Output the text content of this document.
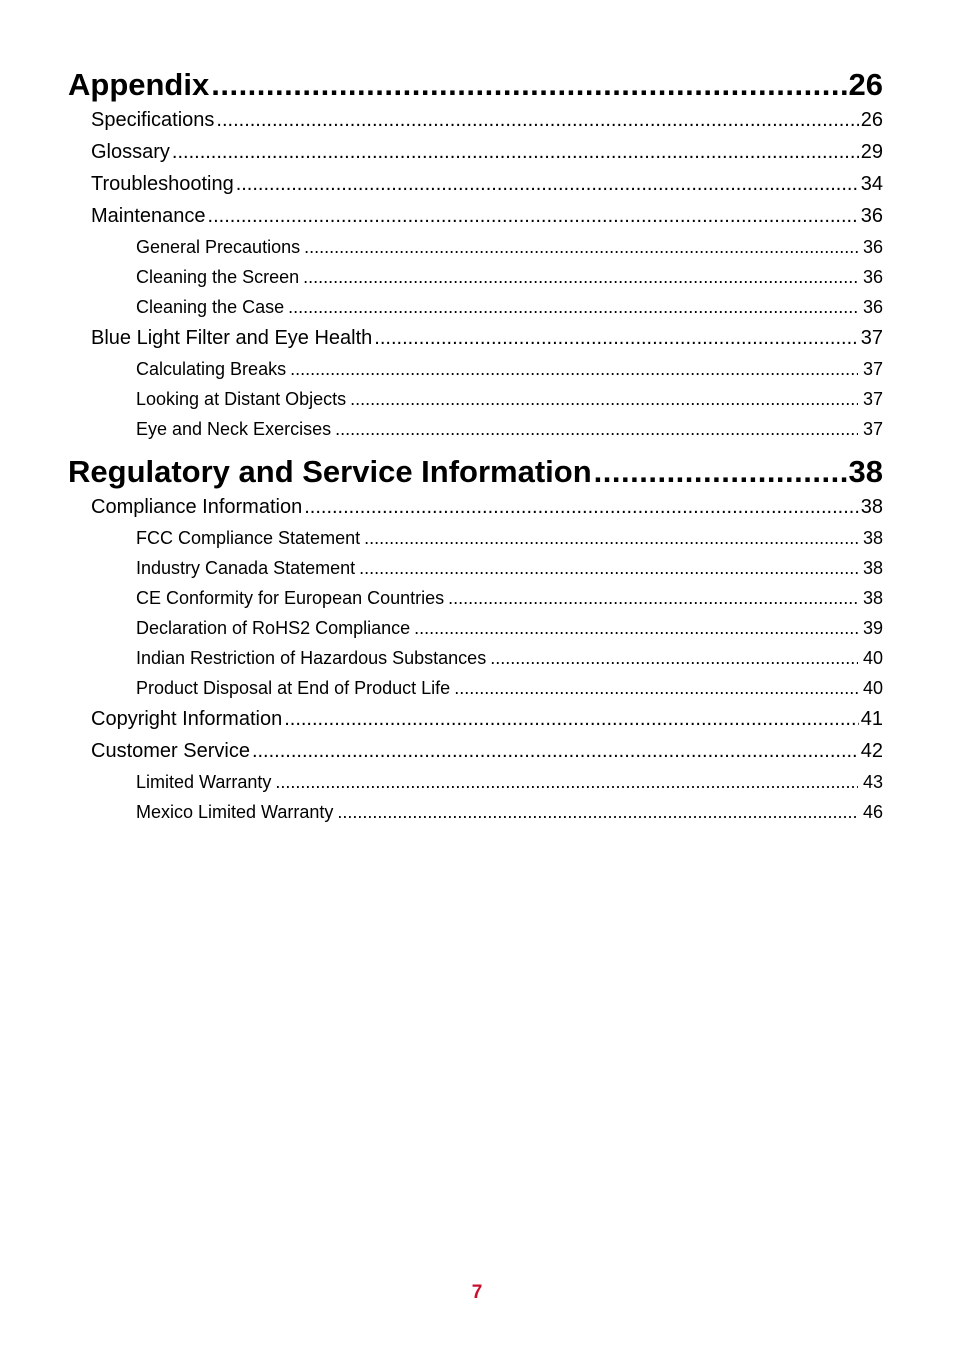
Appendix .....	26
Specifications .....	26
Glossary .....	29
Troubleshooting .....	34
Maintenance .....	36
General Precautions .....	36
Cleaning the Screen .....	36
Cleaning the Case .....	36
Blue Light Filter and Eye Health .....	37
Calculating Breaks .....	37
Looking at Distant Objects .....	37
Eye and Neck Exercises .....	37
Regulatory and Service Information .....	38
Compliance Information .....	38
FCC Compliance Statement .....	38
Industry Canada Statement .....	38
CE Conformity for European Countries .....	38
Declaration of RoHS2 Compliance .....	39
Indian Restriction of Hazardous Substances .....	40
Product Disposal at End of Product Life .....	40
Copyright Information .....	41
Customer Service .....	42
Limited Warranty .....	43
Mexico Limited Warranty .....	46
7
